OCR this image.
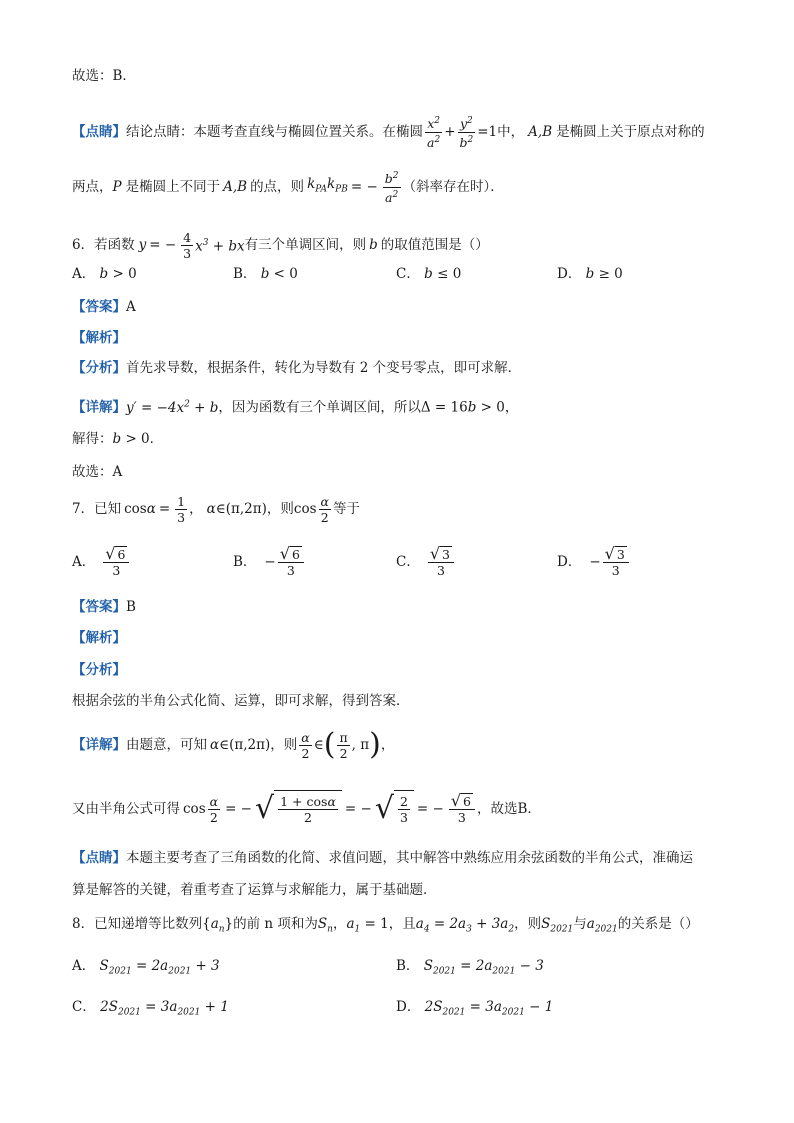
故选：B．
【点睛】 结论点睛：本题考查直线与椭圆位置关系。在椭圆 $\frac{x^2}{a^2} + \frac{y^2}{b^2} =1$ 中， A,B 是椭圆上关于原点对称的
两点， P 是椭圆上不同于 A,B 的点，则 $k_{PA}k_{PB}$ = − $\frac{b^2}{a^2}$ （斜率存在时）．
6．若函数 y = − $\frac{4}{3} x^3$ + bx 有三个单调区间，则 b 的取值范围是（）
A． b > 0	B． b < 0	C． b ≤ 0	D． b ≥ 0
【答案】A
【解析】
【分析】首先求导数，根据条件，转化为导数有 2 个变号零点，即可求解．
【详解】$y' = -4x^2 + b$，因为函数有三个单调区间，所以Δ = 16b > 0，
解得：b > 0．
故选：A
7．已知 $\cos \alpha = \frac{1}{3}$ ， α ∈(π,2π) ，则 $\cos \frac{\alpha}{2}$ 等于
A． $\frac{√ 6}{3}$	B． − $\frac{√ 6}{3}$	C． $\frac{√ 3}{3}$	D． − $\frac{√ 3}{3}$
【答案】B
【解析】
【分析】
根据余弦的半角公式化简、运算，即可求解，得到答案．
【详解】 由题意，可知 α ∈(π,2π) ，则 $\frac{\alpha}{2}$ ∈ ( $\frac{\pi}{2}$ , π ) ，
又由半角公式可得 $\cos \frac{\alpha}{2}$ = − √ $\frac{1 + \cos\alpha}{2}$ = − √ $\frac{2}{3}$ = − $\frac{√ 6}{3}$ ，故选B．
【点睛】本题主要考查了三角函数的化简、求值问题，其中解答中熟练应用余弦函数的半角公式，准确运
算是解答的关键，着重考查了运算与求解能力，属于基础题．
8．已知递增等比数列$\{a_n\}$的前 n 项和为$S_n$，$a_1 = 1$，且$a_4 = 2a_3 + 3a_2$，则$S_{2021}$与$a_{2021}$的关系是（）
A． $S_{2021} = 2a_{2021} + 3$	B． $S_{2021} = 2a_{2021} - 3$
C． $2S_{2021} = 3a_{2021} + 1$	D． $2S_{2021} = 3a_{2021} - 1$
